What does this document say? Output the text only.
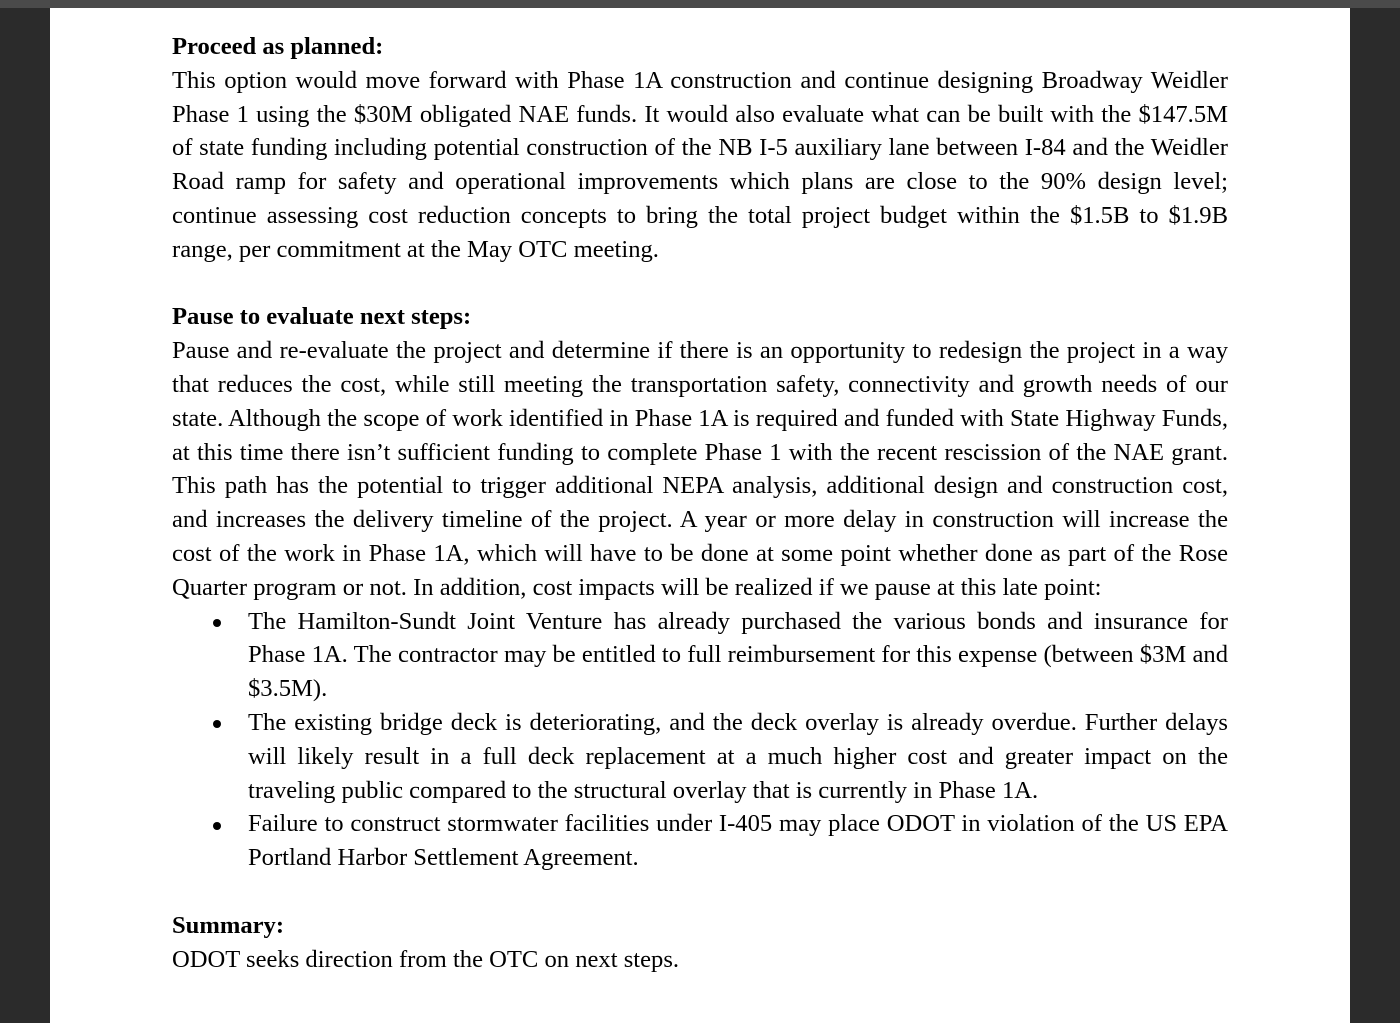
Proceed as planned:

This option would move forward with Phase 1A construction and continue designing Broadway Weidler Phase 1 using the $30M obligated NAE funds. It would also evaluate what can be built with the $147.5M of state funding including potential construction of the NB I-5 auxiliary lane between I-84 and the Weidler Road ramp for safety and operational improvements which plans are close to the 90% design level; continue assessing cost reduction concepts to bring the total project budget within the $1.5B to $1.9B range, per commitment at the May OTC meeting.

Pause to evaluate next steps:

Pause and re-evaluate the project and determine if there is an opportunity to redesign the project in a way that reduces the cost, while still meeting the transportation safety, connectivity and growth needs of our state. Although the scope of work identified in Phase 1A is required and funded with State Highway Funds, at this time there isn’t sufficient funding to complete Phase 1 with the recent rescission of the NAE grant. This path has the potential to trigger additional NEPA analysis, additional design and construction cost, and increases the delivery timeline of the project. A year or more delay in construction will increase the cost of the work in Phase 1A, which will have to be done at some point whether done as part of the Rose Quarter program or not. In addition, cost impacts will be realized if we pause at this late point:

The Hamilton-Sundt Joint Venture has already purchased the various bonds and insurance for Phase 1A. The contractor may be entitled to full reimbursement for this expense (between $3M and $3.5M).
The existing bridge deck is deteriorating, and the deck overlay is already overdue. Further delays will likely result in a full deck replacement at a much higher cost and greater impact on the traveling public compared to the structural overlay that is currently in Phase 1A.
Failure to construct stormwater facilities under I-405 may place ODOT in violation of the US EPA Portland Harbor Settlement Agreement.

Summary:

ODOT seeks direction from the OTC on next steps.
